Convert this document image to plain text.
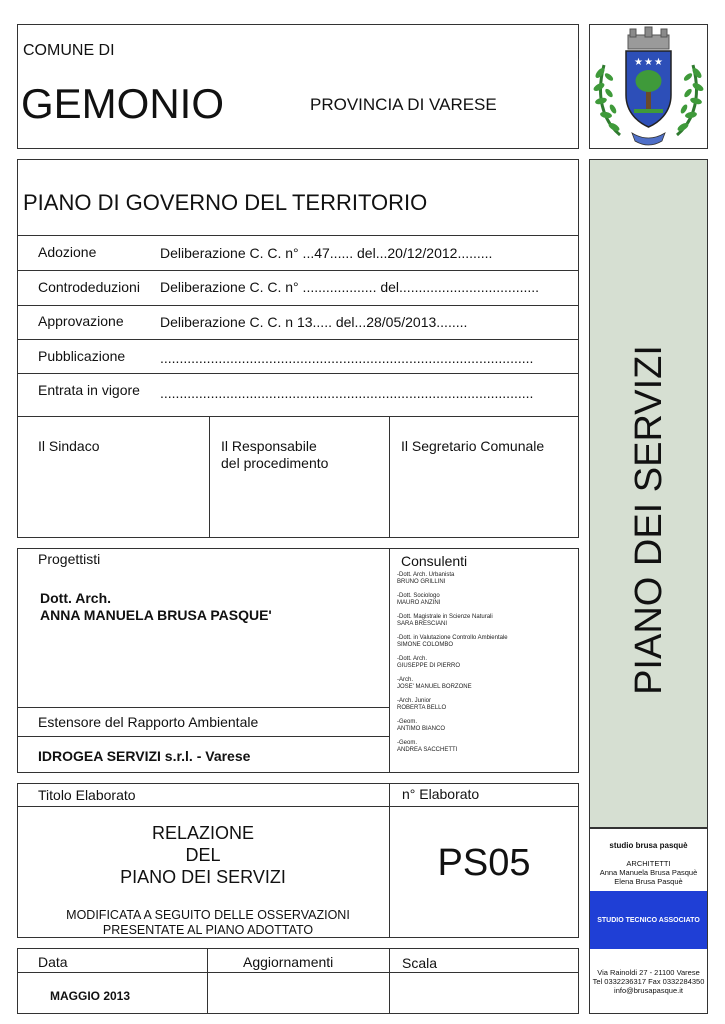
COMUNE DI
GEMONIO	PROVINCIA DI VARESE
★ ★ ★
PIANO DI GOVERNO DEL TERRITORIO
Adozione	Deliberazione C. C. n° ...47...... del...20/12/2012.........
Controdeduzioni Deliberazione C. C. n° ................... del....................................
Approvazione	Deliberazione C. C. n 13..... del...28/05/2013........
Pubblicazione ................................................................................................
Entrata in vigore ................................................................................................
Il Sindaco	Il Responsabile
del procedimento
Il Segretario Comunale
Progettisti
Dott. Arch.
ANNA MANUELA BRUSA PASQUE'
Estensore del Rapporto Ambientale
IDROGEA SERVIZI s.r.l. - Varese
Consulenti
-Dott. Arch. Urbanista
BRUNO GRILLINI
-Dott. Sociologo
MAURO ANZINI
-Dott. Magistrale in Scienze Naturali
SARA BRESCIANI
-Dott. in Valutazione Controllo Ambientale
SIMONE COLOMBO
-Dott. Arch.
GIUSEPPE DI PIERRO
-Arch.
JOSE' MANUEL BORZONE
-Arch. Junior
ROBERTA BELLO
-Geom.
ANTIMO BIANCO
-Geom.
ANDREA SACCHETTI
Titolo Elaborato	n° Elaborato
RELAZIONE
DEL
PIANO DEI SERVIZI
MODIFICATA A SEGUITO DELLE OSSERVAZIONI
PRESENTATE AL PIANO ADOTTATO
PS05
Data	Aggiornamenti	Scala
MAGGIO 2013
PIANO DEI SERVIZI
studio brusa pasquè
ARCHITETTI
Anna Manuela Brusa Pasquè
Elena Brusa Pasquè
STUDIO TECNICO ASSOCIATO
Via Rainoldi 27 - 21100 Varese
Tel 0332236317 Fax 0332284350
info@brusapasque.it
